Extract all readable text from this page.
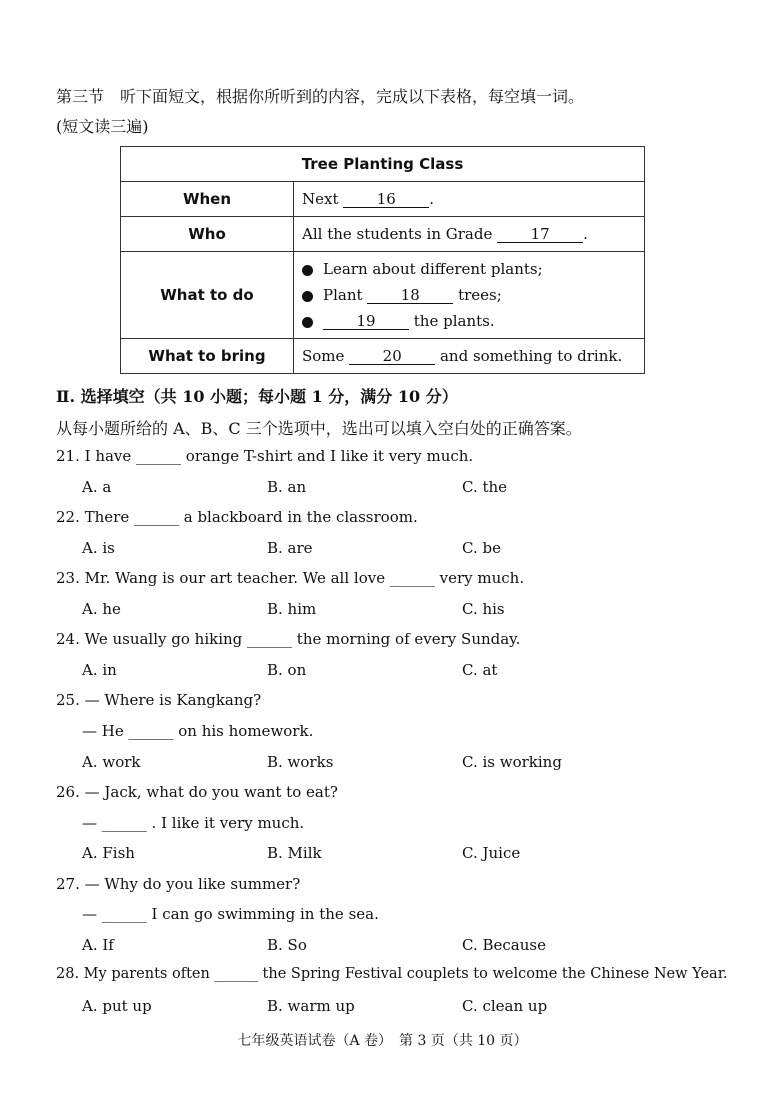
第三节　听下面短文，根据你所听到的内容，完成以下表格，每空填一词。
(短文读三遍)
Tree Planting Class	
When	Next 16 .
Who	All the students in Grade 17 .
What to do	Learn about different plants;
Plant 18 trees;
19 the plants.

What to bring	Some 20 and something to drink.
Ⅱ. 选择填空（共 10 小题；每小题 1 分，满分 10 分）
从每小题所给的 A、B、C 三个选项中，选出可以填入空白处的正确答案。
21. I have ______ orange T-shirt and I like it very much.
A. a	B. an	C. the
22. There ______ a blackboard in the classroom.
A. is	B. are	C. be
23. Mr. Wang is our art teacher. We all love ______ very much.
A. he	B. him	C. his
24. We usually go hiking ______ the morning of every Sunday.
A. in	B. on	C. at
25. — Where is Kangkang?
— He ______ on his homework.
A. work	B. works	C. is working
26. — Jack, what do you want to eat?
— ______ . I like it very much.
A. Fish	B. Milk	C. Juice
27. — Why do you like summer?
— ______ I can go swimming in the sea.
A. If	B. So	C. Because
28. My parents often ______ the Spring Festival couplets to welcome the Chinese New Year.
A. put up	B. warm up	C. clean up
七年级英语试卷（A 卷）　第 3 页（共 10 页）
